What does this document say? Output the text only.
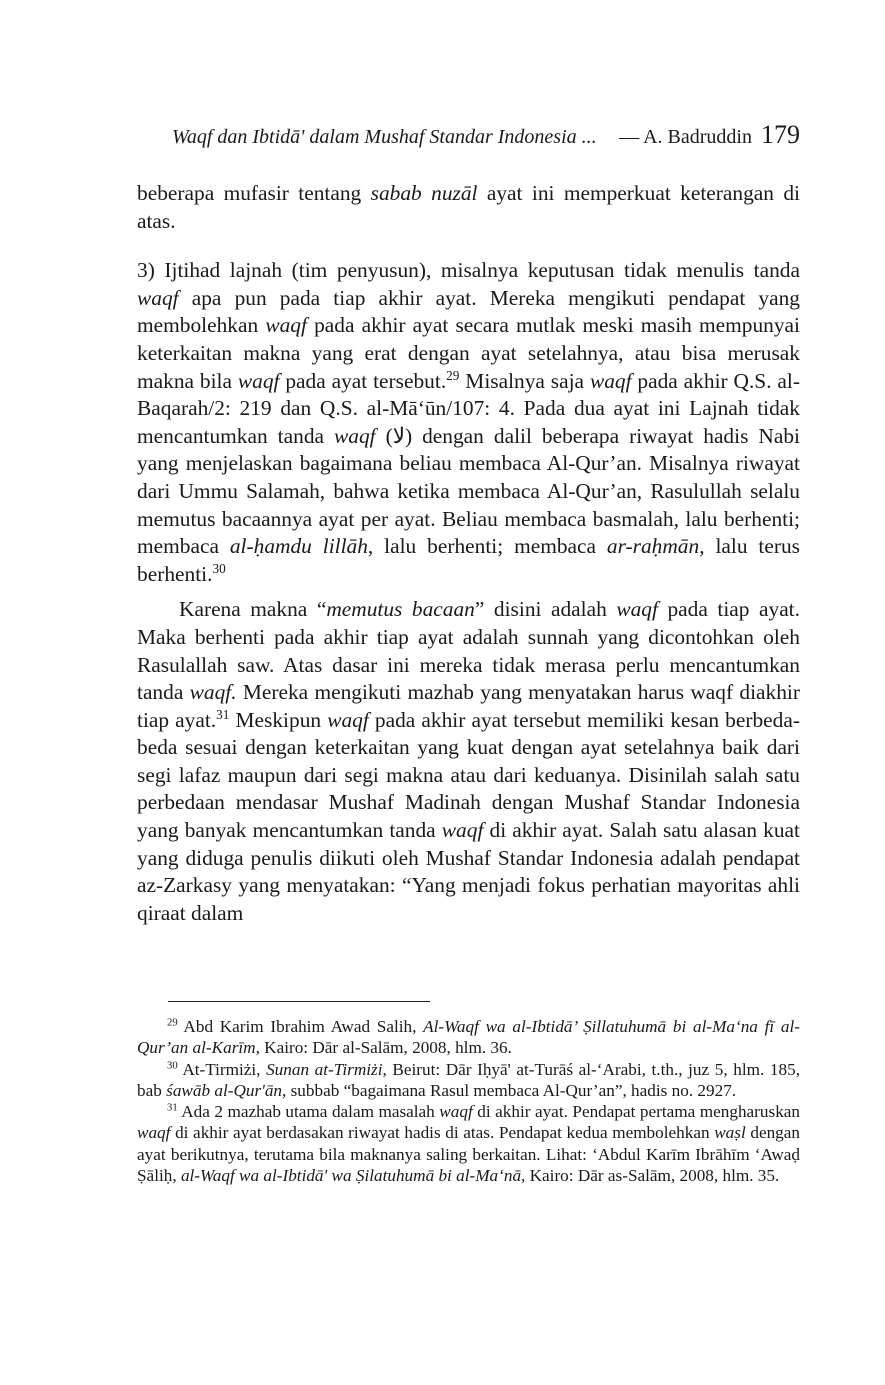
Waqf dan Ibtidā' dalam Mushaf Standar Indonesia ... — A. Badruddin 179

beberapa mufasir tentang sabab nuzāl ayat ini memperkuat keterangan di atas.

3) Ijtihad lajnah (tim penyusun), misalnya keputusan tidak menulis tanda waqf apa pun pada tiap akhir ayat. Mereka mengikuti pendapat yang membolehkan waqf pada akhir ayat secara mutlak meski masih mempunyai keterkaitan makna yang erat dengan ayat setelahnya, atau bisa merusak makna bila waqf pada ayat tersebut.$^{29}$ Misalnya saja waqf pada akhir Q.S. al-Baqarah/2: 219 dan Q.S. al-Mā‘ūn/107: 4. Pada dua ayat ini Lajnah tidak mencantumkan tanda waqf (لا) dengan dalil beberapa riwayat hadis Nabi yang menjelaskan bagaimana beliau membaca Al-Qur’an. Misalnya riwayat dari Ummu Salamah, bahwa ketika membaca Al-Qur’an, Rasulullah selalu memutus bacaannya ayat per ayat. Beliau membaca basmalah, lalu berhenti; membaca al-ḥamdu lillāh, lalu berhenti; membaca ar-raḥmān, lalu terus berhenti.$^{30}$

Karena makna “memutus bacaan” disini adalah waqf pada tiap ayat. Maka berhenti pada akhir tiap ayat adalah sunnah yang dicontohkan oleh Rasulallah saw. Atas dasar ini mereka tidak merasa perlu mencantumkan tanda waqf. Mereka mengikuti mazhab yang menyatakan harus waqf diakhir tiap ayat.$^{31}$ Meskipun waqf pada akhir ayat tersebut memiliki kesan berbeda-beda sesuai dengan keterkaitan yang kuat dengan ayat setelahnya baik dari segi lafaz maupun dari segi makna atau dari keduanya. Disinilah salah satu perbedaan mendasar Mushaf Madinah dengan Mushaf Standar Indonesia yang banyak mencantumkan tanda waqf di akhir ayat. Salah satu alasan kuat yang diduga penulis diikuti oleh Mushaf Standar Indonesia adalah pendapat az-Zarkasy yang menyatakan: “Yang menjadi fokus perhatian mayoritas ahli qiraat dalam

$^{29}$ Abd Karim Ibrahim Awad Salih, Al-Waqf wa al-Ibtidā’ Ṣillatuhumā bi al-Ma‘na fī al-Qur’an al-Karīm, Kairo: Dār al-Salām, 2008, hlm. 36.

$^{30}$ At-Tirmiżi, Sunan at-Tirmiżi, Beirut: Dār Iḥyā' at-Turāś al-‘Arabi, t.th., juz 5, hlm. 185, bab śawāb al-Qur'ān, subbab “bagaimana Rasul membaca Al-Qur’an”, hadis no. 2927.

$^{31}$ Ada 2 mazhab utama dalam masalah waqf di akhir ayat. Pendapat pertama mengharuskan waqf di akhir ayat berdasakan riwayat hadis di atas. Pendapat kedua membolehkan waṣl dengan ayat berikutnya, terutama bila maknanya saling berkaitan. Lihat: ‘Abdul Karīm Ibrāhīm ‘Awaḍ Ṣāliḥ, al-Waqf wa al-Ibtidā' wa Ṣilatuhumā bi al-Ma‘nā, Kairo: Dār as-Salām, 2008, hlm. 35.
